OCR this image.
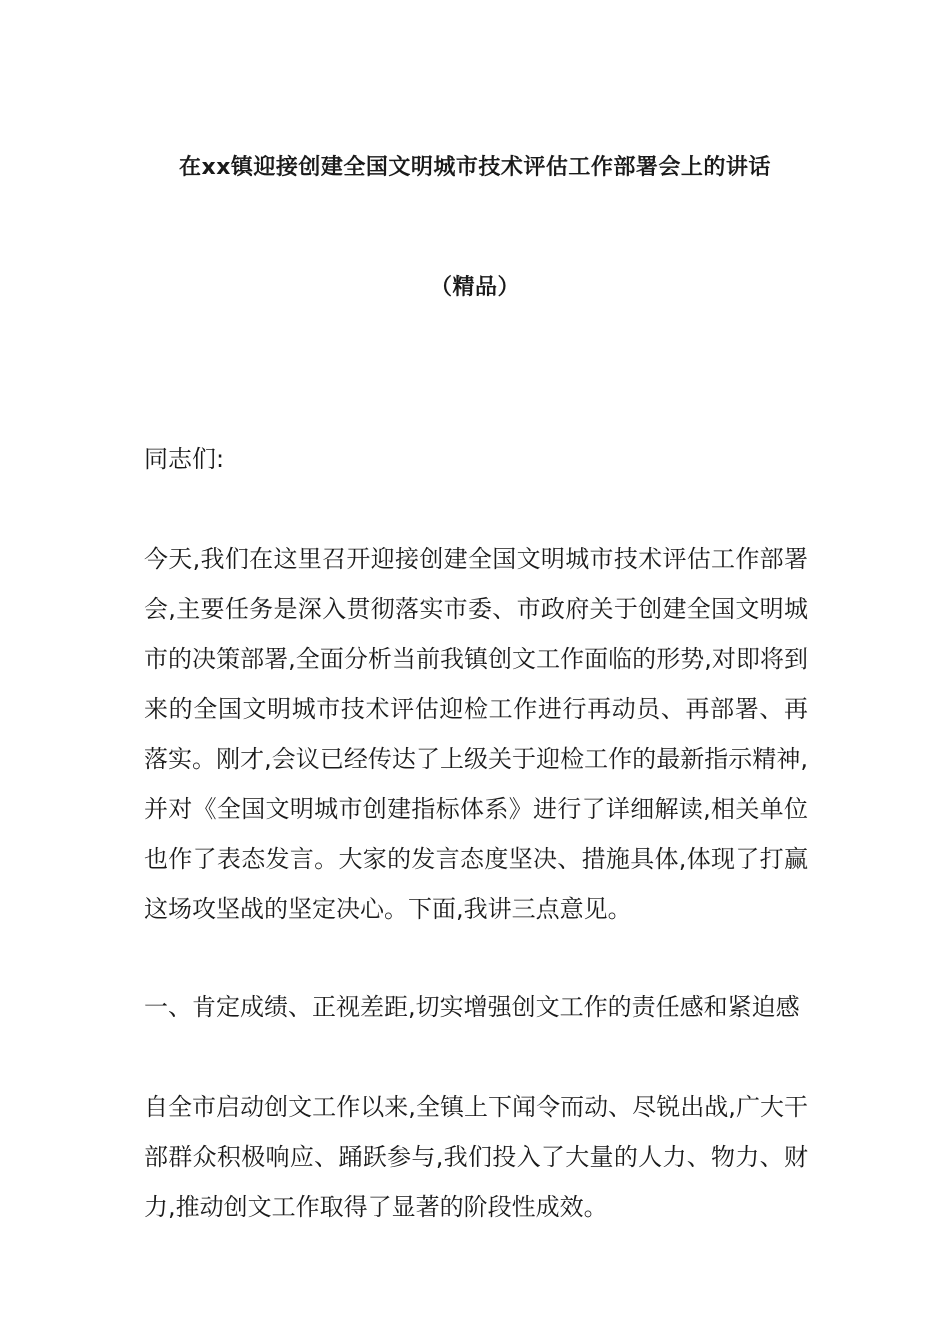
在xx镇迎接创建全国文明城市技术评估工作部署会上的讲话
（精品）

同志们:

今天,我们在这里召开迎接创建全国文明城市技术评估工作部署会,主要任务是深入贯彻落实市委、市政府关于创建全国文明城市的决策部署,全面分析当前我镇创文工作面临的形势,对即将到来的全国文明城市技术评估迎检工作进行再动员、再部署、再落实。刚才,会议已经传达了上级关于迎检工作的最新指示精神,并对《全国文明城市创建指标体系》进行了详细解读,相关单位也作了表态发言。大家的发言态度坚决、措施具体,体现了打赢这场攻坚战的坚定决心。下面,我讲三点意见。

一、肯定成绩、正视差距,切实增强创文工作的责任感和紧迫感

自全市启动创文工作以来,全镇上下闻令而动、尽锐出战,广大干部群众积极响应、踊跃参与,我们投入了大量的人力、物力、财力,推动创文工作取得了显著的阶段性成效。
